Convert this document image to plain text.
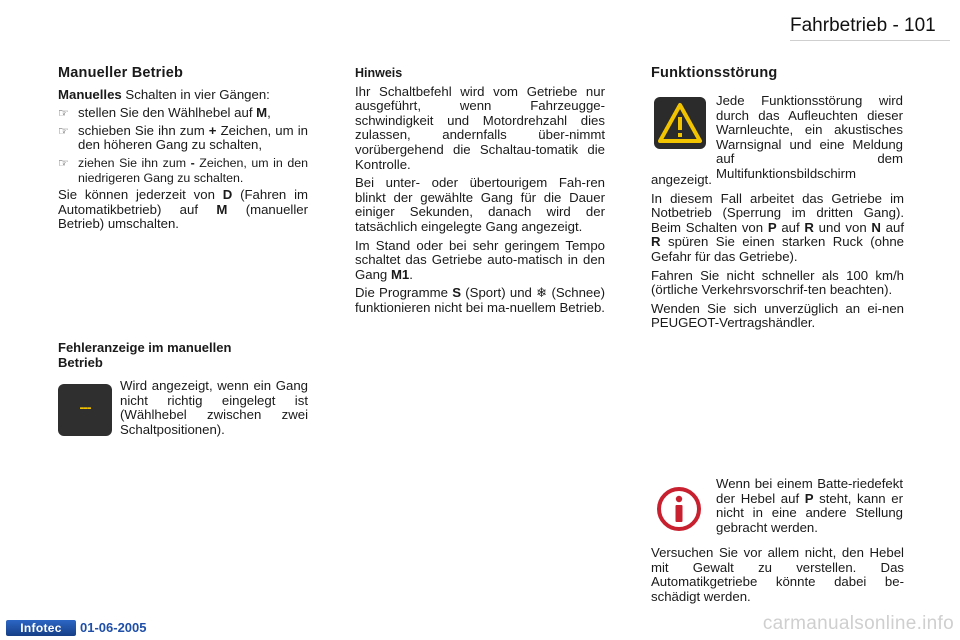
Fahrbetrieb - 101
Manueller Betrieb

Manuelles Schalten in vier Gängen:

☞ stellen Sie den Wählhebel auf M,
☞ schieben Sie ihn zum + Zeichen, um in den höheren Gang zu schalten,
☞ ziehen Sie ihn zum - Zeichen, um in den niedrigeren Gang zu schalten.

Sie können jederzeit von D (Fahren im Automatikbetrieb) auf M (manueller Betrieb) umschalten.

Fehleranzeige im manuellen Betrieb
---
Wird angezeigt, wenn ein Gang nicht richtig eingelegt ist (Wählhebel zwischen zwei Schaltpositionen).
Hinweis

Ihr Schaltbefehl wird vom Getriebe nur ausgeführt, wenn Fahrzeugge-schwindigkeit und Motordrehzahl dies zulassen, andernfalls über-nimmt vorübergehend die Schaltau-tomatik die Kontrolle.

Bei unter- oder übertourigem Fah-ren blinkt der gewählte Gang für die Dauer einiger Sekunden, danach wird der tatsächlich eingelegte Gang angezeigt.

Im Stand oder bei sehr geringem Tempo schaltet das Getriebe auto-matisch in den Gang M1.

Die Programme S (Sport) und ❄ (Schnee) funktionieren nicht bei ma-nuellem Betrieb.

Funktionsstörung
Jede Funktionsstörung wird durch das Aufleuchten dieser Warnleuchte, ein akustisches Warnsignal und eine Meldung auf dem Multifunktionsbildschirm

angezeigt.

In diesem Fall arbeitet das Getriebe im Notbetrieb (Sperrung im dritten Gang). Beim Schalten von P auf R und von N auf R spüren Sie einen starken Ruck (ohne Gefahr für das Getriebe).

Fahren Sie nicht schneller als 100 km/h (örtliche Verkehrsvorschrif-ten beachten).

Wenden Sie sich unverzüglich an ei-nen PEUGEOT-Vertragshändler.

Wenn bei einem Batte-riedefekt der Hebel auf P steht, kann er nicht in eine andere Stellung gebracht werden.
Versuchen Sie vor allem nicht, den Hebel mit Gewalt zu verstellen. Das Automatikgetriebe könnte dabei be-schädigt werden.
Infotec	01-06-2005	carmanualsonline.info
